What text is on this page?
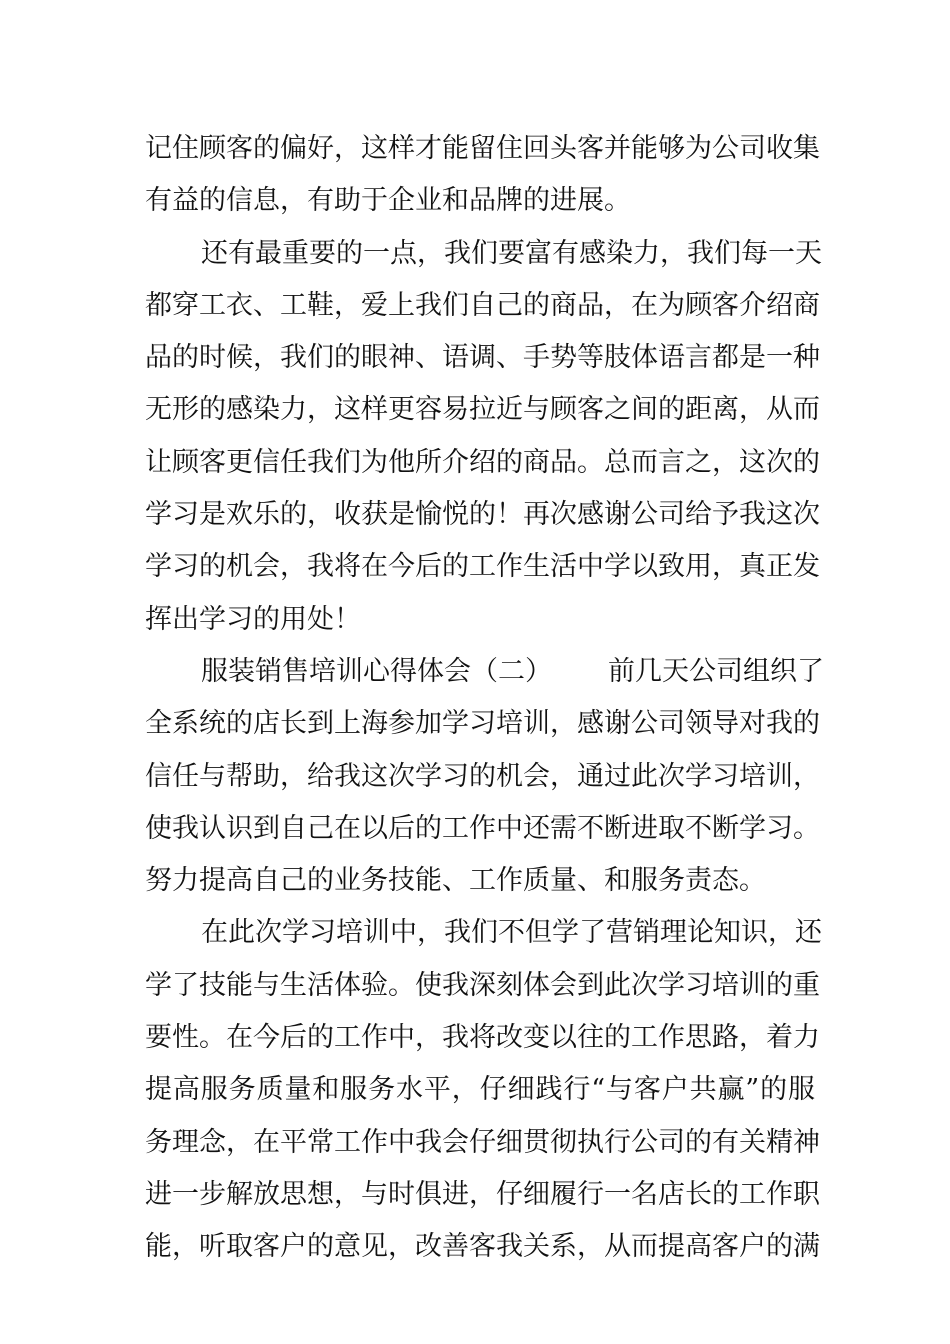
记住顾客的偏好，这样才能留住回头客并能够为公司收集
有益的信息，有助于企业和品牌的进展。
还有最重要的一点，我们要富有感染力，我们每一天
都穿工衣、工鞋，爱上我们自己的商品，在为顾客介绍商
品的时候，我们的眼神、语调、手势等肢体语言都是一种
无形的感染力，这样更容易拉近与顾客之间的距离，从而
让顾客更信任我们为他所介绍的商品。总而言之，这次的
学习是欢乐的，收获是愉悦的！再次感谢公司给予我这次
学习的机会，我将在今后的工作生活中学以致用，真正发
挥出学习的用处！
服装销售培训心得体会（二） 前几天公司组织了
全系统的店长到上海参加学习培训，感谢公司领导对我的
信任与帮助，给我这次学习的机会，通过此次学习培训，
使我认识到自己在以后的工作中还需不断进取不断学习。
努力提高自己的业务技能、工作质量、和服务责态。
在此次学习培训中，我们不但学了营销理论知识，还
学了技能与生活体验。使我深刻体会到此次学习培训的重
要性。在今后的工作中，我将改变以往的工作思路，着力
提高服务质量和服务水平，仔细践行“与客户共赢”的服
务理念，在平常工作中我会仔细贯彻执行公司的有关精神
进一步解放思想，与时俱进，仔细履行一名店长的工作职
能，听取客户的意见，改善客我关系，从而提高客户的满
